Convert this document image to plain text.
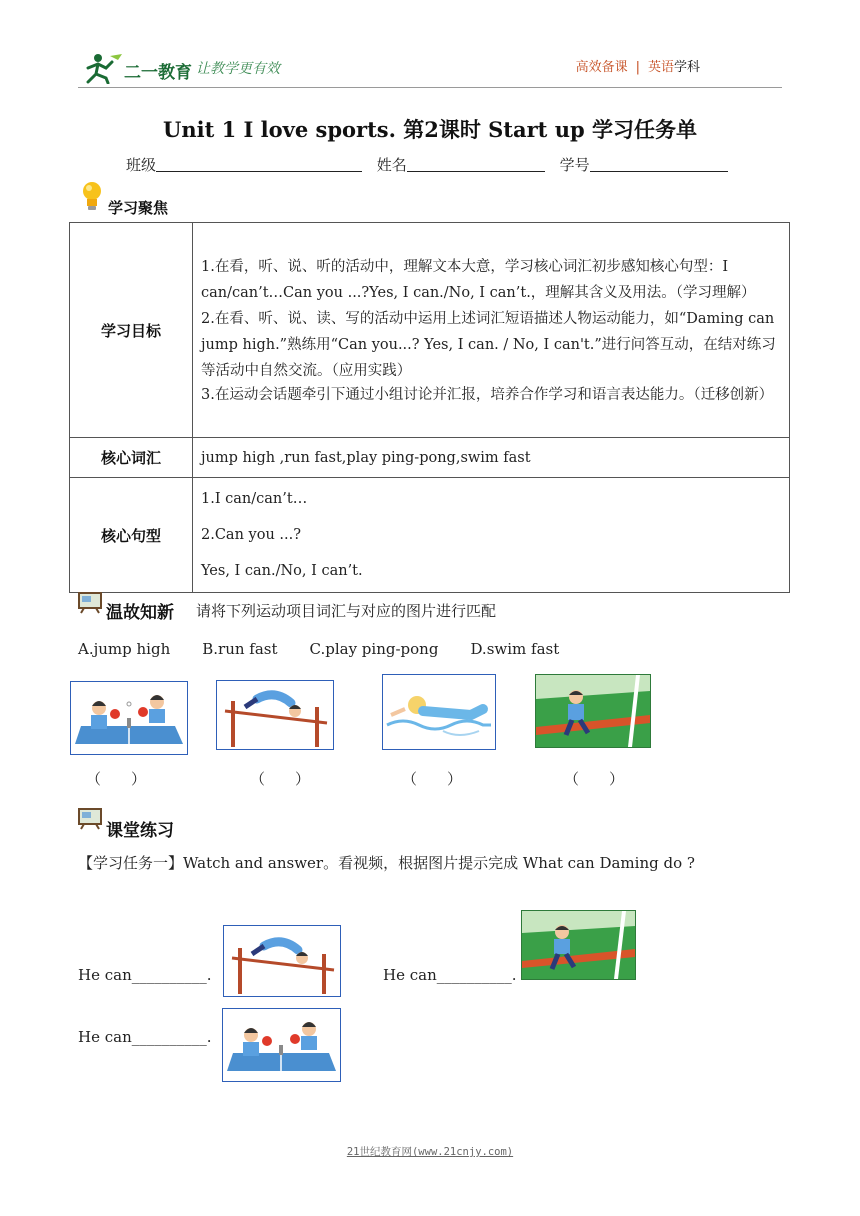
二一教育 让教学更有效	高效备课 | 英语学科
Unit 1 I love sports. 第2课时 Start up 学习任务单
班级	姓名	学号
学习聚焦
学习目标	1.在看，听、说、听的活动中，理解文本大意，学习核心词汇初步感知核心句型：I can/can’t…Can you ...?Yes, I can./No, I can’t.，理解其含义及用法。（学习理解）
2.在看、听、说、读、写的活动中运用上述词汇短语描述人物运动能力，如“Daming can jump high.”熟练用“Can you...? Yes, I can. / No, I can't.”进行问答互动，在结对练习等活动中自然交流。（应用实践）
3.在运动会话题牵引下通过小组讨论并汇报，培养合作学习和语言表达能力。（迁移创新）

核心词汇	jump high ,run fast,play ping-pong,swim fast
核心句型	1.I can/can’t…
2.Can you ...?
Yes, I can./No, I can’t.
温故知新 请将下列运动项目词汇与对应的图片进行匹配
A.jump high B.run fast C.play ping-pong D.swim fast
（　　）	（　　）	（　　）	（　　）
课堂练习
【学习任务一】Watch and answer。看视频，根据图片提示完成 What can Daming do ?
He can__________.	He can__________.
He can__________.
21世纪教育网(www.21cnjy.com)
